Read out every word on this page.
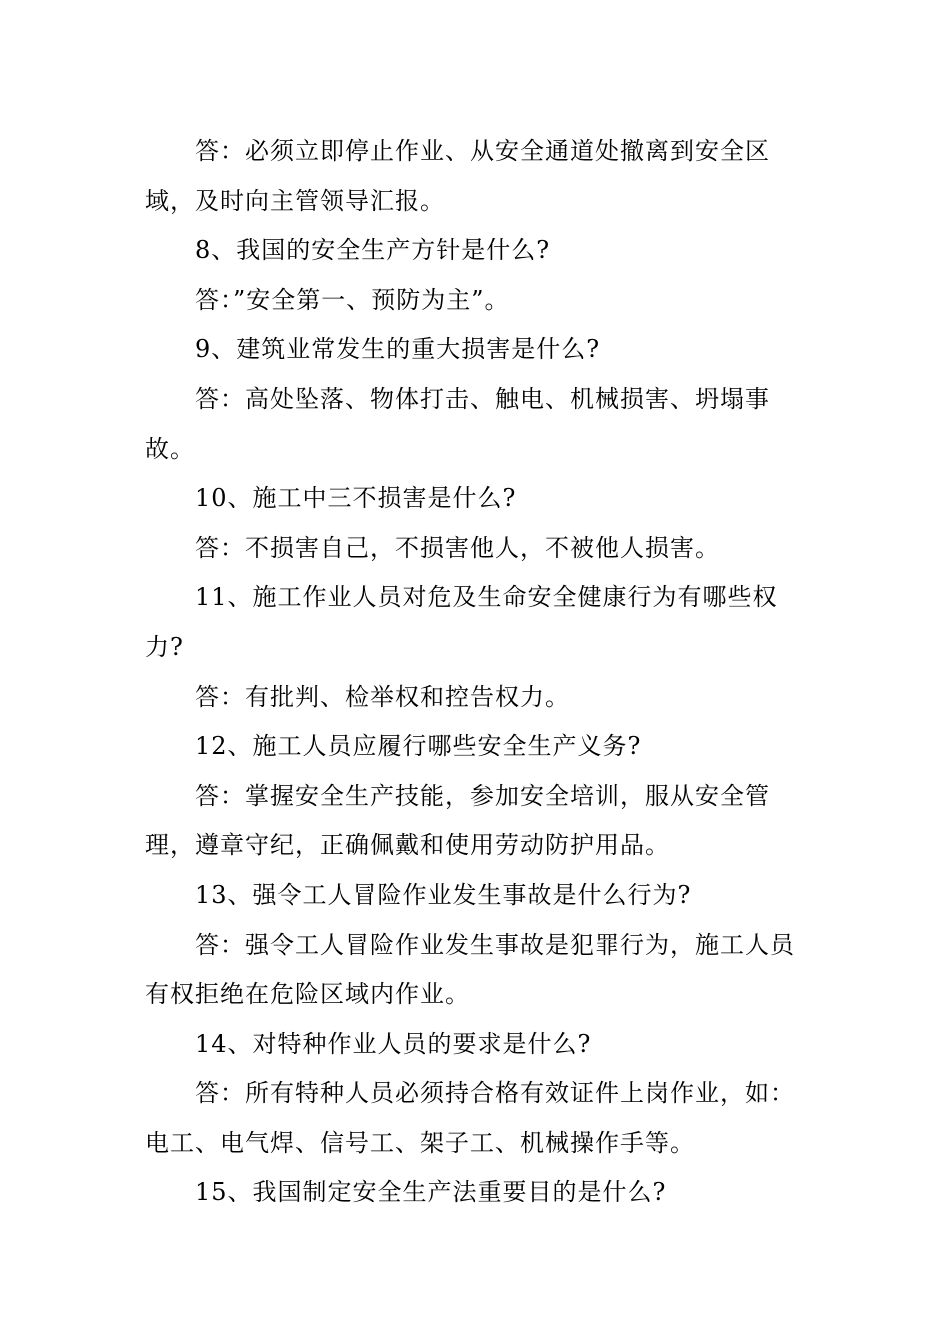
答：必须立即停止作业、从安全通道处撤离到安全区域，及时向主管领导汇报。

8、我国的安全生产方针是什么?

答：”安全第一、预防为主”。

9、建筑业常发生的重大损害是什么?

答：高处坠落、物体打击、触电、机械损害、坍塌事故。

10、施工中三不损害是什么?

答：不损害自己，不损害他人，不被他人损害。

11、施工作业人员对危及生命安全健康行为有哪些权力?

答：有批判、检举权和控告权力。

12、施工人员应履行哪些安全生产义务?

答：掌握安全生产技能，参加安全培训，服从安全管理，遵章守纪，正确佩戴和使用劳动防护用品。

13、强令工人冒险作业发生事故是什么行为?

答：强令工人冒险作业发生事故是犯罪行为，施工人员有权拒绝在危险区域内作业。

14、对特种作业人员的要求是什么?

答：所有特种人员必须持合格有效证件上岗作业，如：电工、电气焊、信号工、架子工、机械操作手等。

15、我国制定安全生产法重要目的是什么?
